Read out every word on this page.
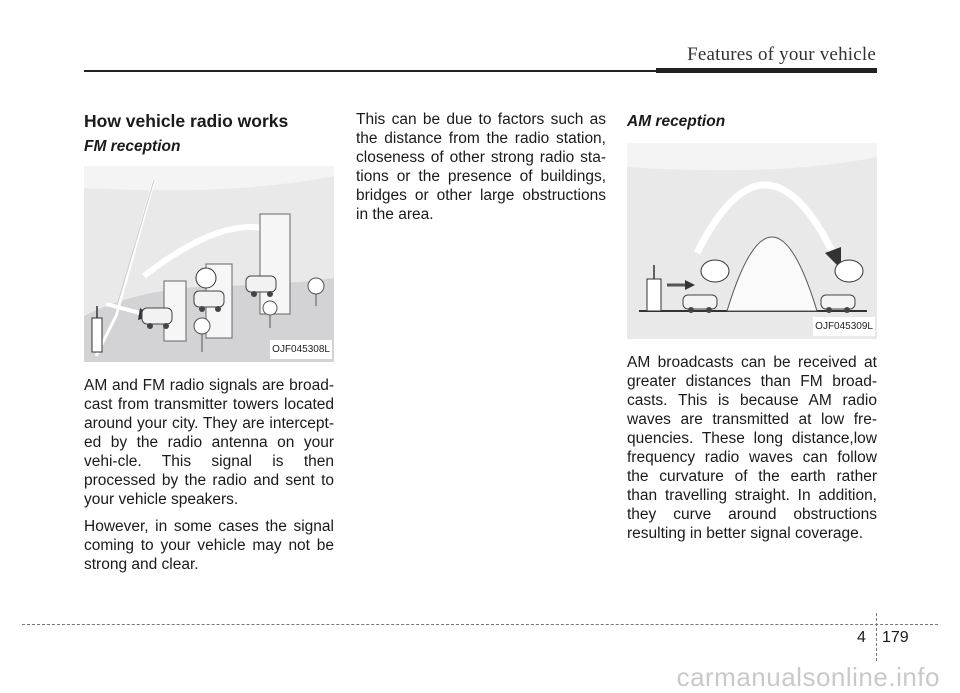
Features of your vehicle
How vehicle radio works
FM reception
OJF045308L

AM and FM radio signals are broad-cast from transmitter towers located around your city. They are intercept-ed by the radio antenna on your vehi-cle. This signal is then processed by the radio and sent to your vehicle speakers.

However, in some cases the signal coming to your vehicle may not be strong and clear.

This can be due to factors such as the distance from the radio station, closeness of other strong radio sta-tions or the presence of buildings, bridges or other large obstructions in the area.

AM reception
OJF045309L

AM broadcasts can be received at greater distances than FM broad-casts. This is because AM radio waves are transmitted at low fre-quencies. These long distance,low frequency radio waves can follow the curvature of the earth rather than travelling straight. In addition, they curve around obstructions resulting in better signal coverage.

4 179
carmanualsonline.info
